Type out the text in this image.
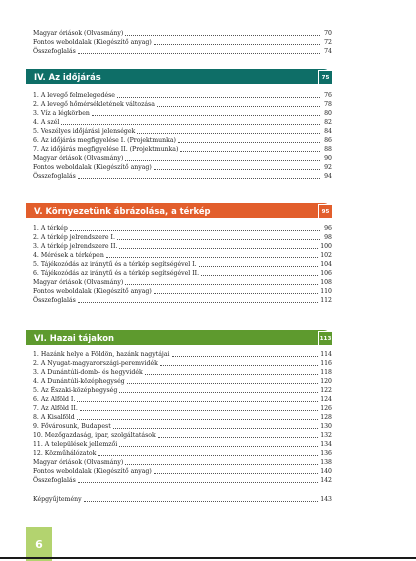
Magyar óriások (Olvasmány)	70
Fontos weboldalak (Kiegészítő anyag)	72
Összefoglalás	74
IV. Az időjárás	75
1. A levegő felmelegedése	76
2. A levegő hőmérsékletének változása	78
3. Víz a légkörben	80
4. A szél	82
5. Veszélyes időjárási jelenségek	84
6. Az időjárás megfigyelése I. (Projektmunka)	86
7. Az időjárás megfigyelése II. (Projektmunka)	88
Magyar óriások (Olvasmány)	90
Fontos weboldalak (Kiegészítő anyag)	92
Összefoglalás	94
V. Környezetünk ábrázolása, a térkép	95
1. A térkép	96
2. A térkép jelrendszere I.	98
3. A térkép jelrendszere II.	100
4. Mérések a térképen	102
5. Tájékozódás az iránytű és a térkép segítségével I.	104
6. Tájékozódás az iránytű és a térkép segítségével II.	106
Magyar óriások (Olvasmány)	108
Fontos weboldalak (Kiegészítő anyag)	110
Összefoglalás	112
VI. Hazai tájakon	113
1. Hazánk helye a Földön, hazánk nagytájai	114
2. A Nyugat-magyarországi-peremvidék	116
3. A Dunántúli-domb- és hegyvidék	118
4. A Dunántúli-középhegység	120
5. Az Északi-középhegység	122
6. Az Alföld I.	124
7. Az Alföld II.	126
8. A Kisalföld	128
9. Fővárosunk, Budapest	130
10. Mezőgazdaság, ipar, szolgáltatások	132
11. A települések jellemzői	134
12. Közműhálózatok	136
Magyar óriások (Olvasmány)	138
Fontos weboldalak (Kiegészítő anyag)	140
Összefoglalás	142
Képgyűjtemény	143
6
